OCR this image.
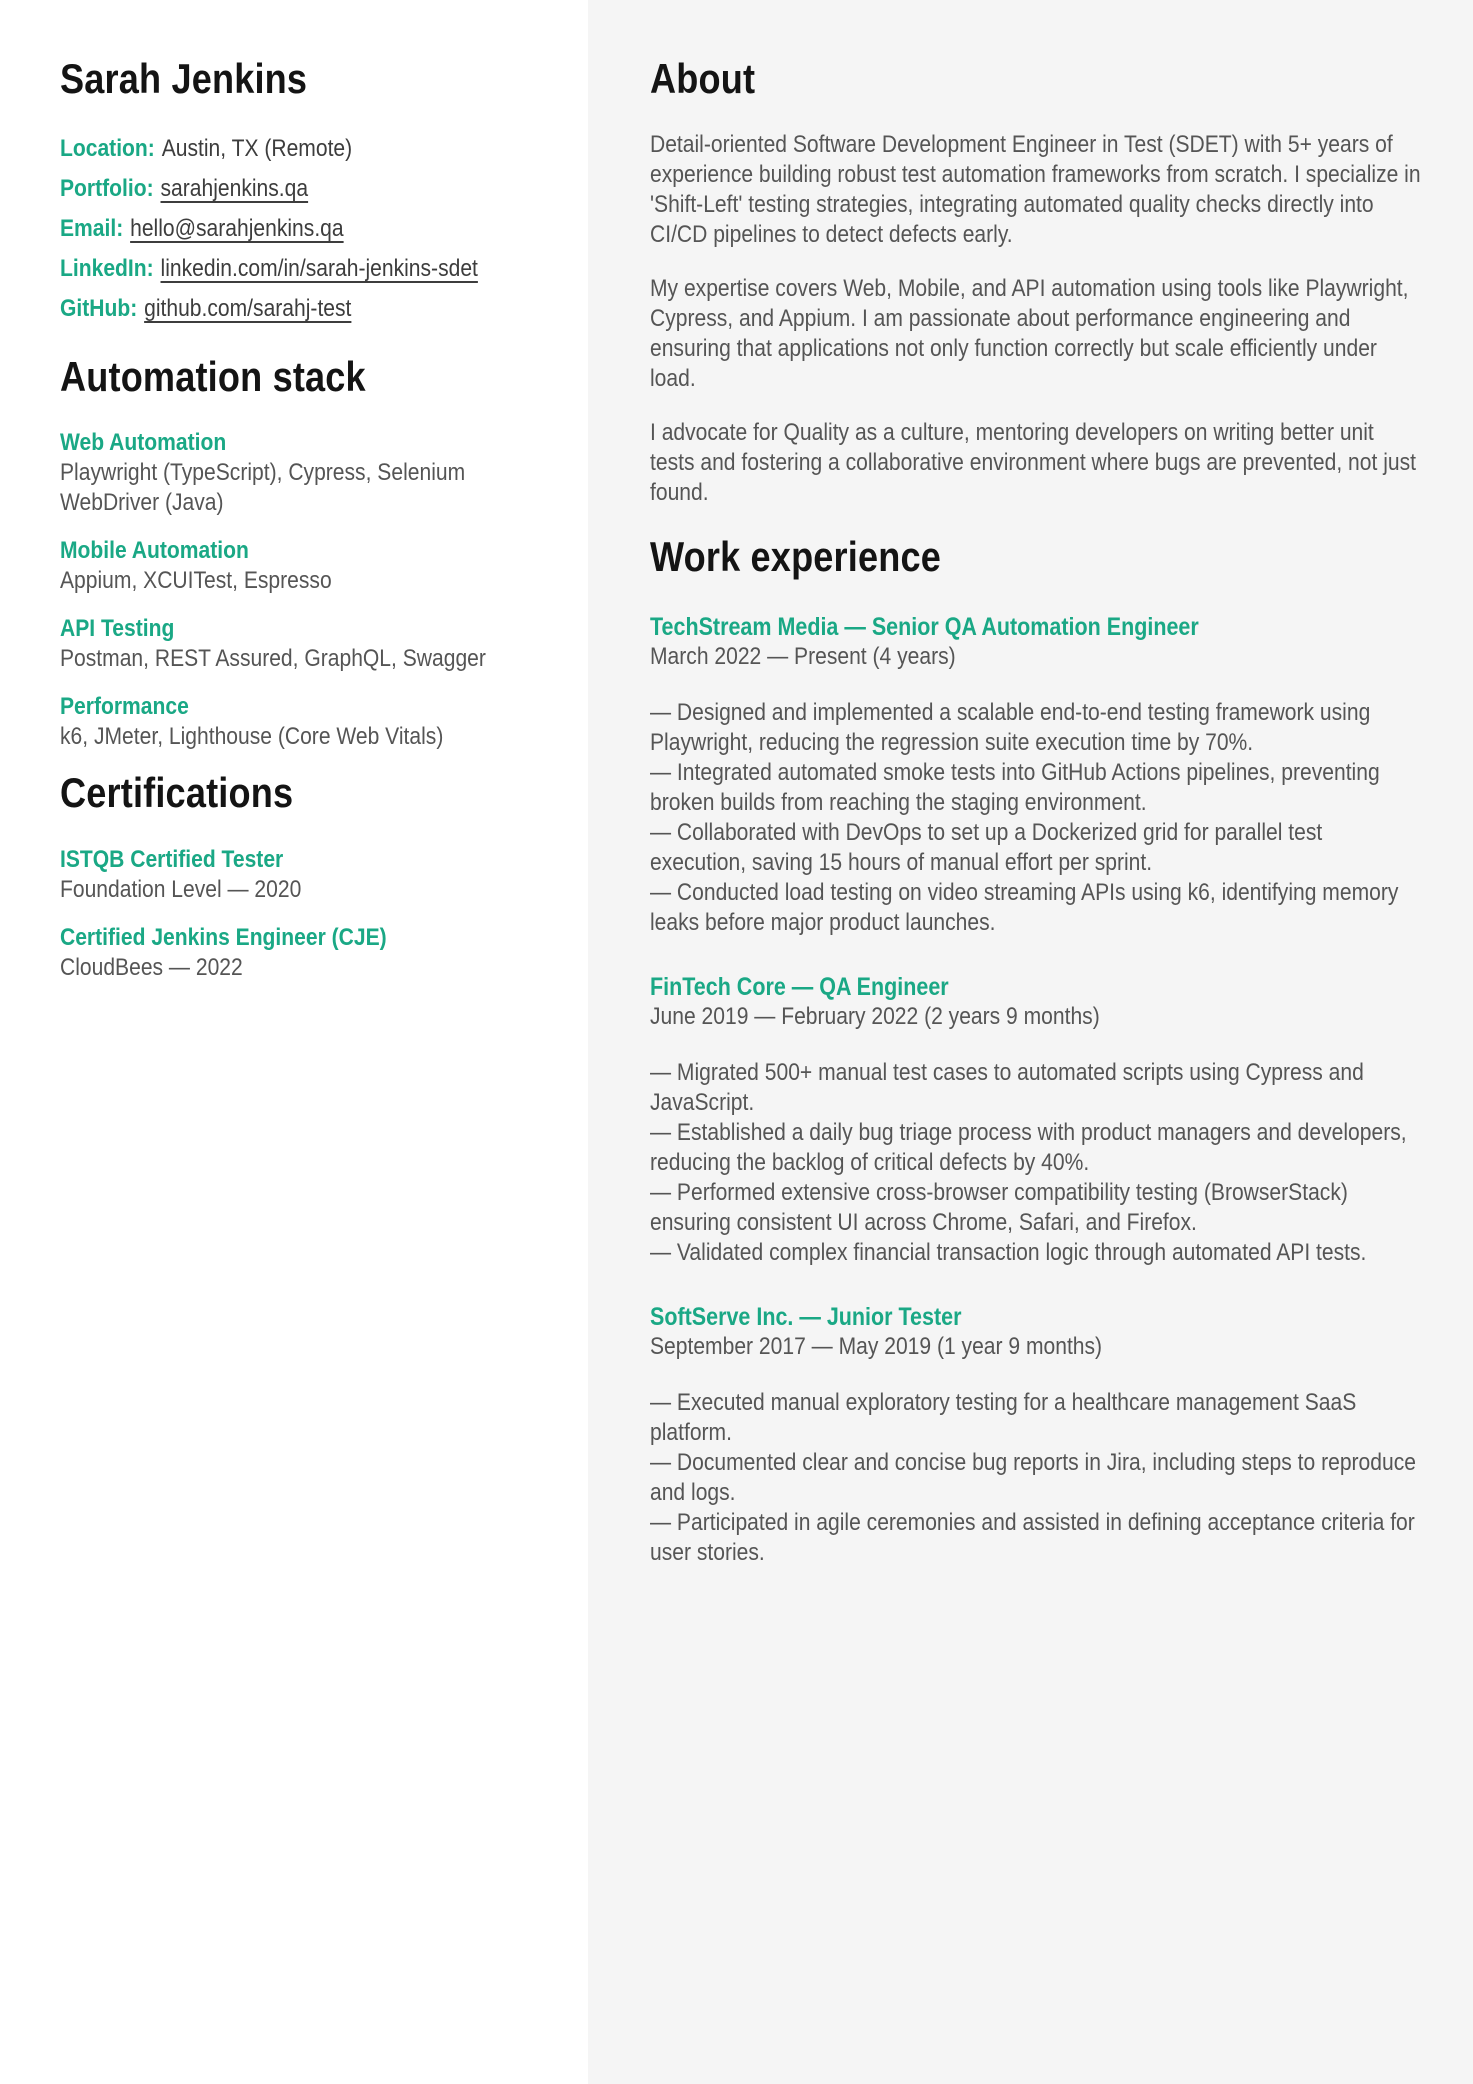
Sarah Jenkins
Location: Austin, TX (Remote)
Portfolio: sarahjenkins.qa
Email: hello@sarahjenkins.qa
LinkedIn: linkedin.com/in/sarah-jenkins-sdet
GitHub: github.com/sarahj-test
Automation stack
Web Automation
Playwright (TypeScript), Cypress, Selenium WebDriver (Java)
Mobile Automation
Appium, XCUITest, Espresso
API Testing
Postman, REST Assured, GraphQL, Swagger
Performance
k6, JMeter, Lighthouse (Core Web Vitals)
Certifications
ISTQB Certified Tester
Foundation Level — 2020
Certified Jenkins Engineer (CJE)
CloudBees — 2022
About

Detail-oriented Software Development Engineer in Test (SDET) with 5+ years of experience building robust test automation frameworks from scratch. I specialize in 'Shift-Left' testing strategies, integrating automated quality checks directly into CI/CD pipelines to detect defects early.

My expertise covers Web, Mobile, and API automation using tools like Playwright, Cypress, and Appium. I am passionate about performance engineering and ensuring that applications not only function correctly but scale efficiently under load.

I advocate for Quality as a culture, mentoring developers on writing better unit tests and fostering a collaborative environment where bugs are prevented, not just found.

Work experience
TechStream Media — Senior QA Automation Engineer
March 2022 — Present (4 years)
— Designed and implemented a scalable end-to-end testing framework using Playwright, reducing the regression suite execution time by 70%.
— Integrated automated smoke tests into GitHub Actions pipelines, preventing broken builds from reaching the staging environment.
— Collaborated with DevOps to set up a Dockerized grid for parallel test execution, saving 15 hours of manual effort per sprint.
— Conducted load testing on video streaming APIs using k6, identifying memory leaks before major product launches.
FinTech Core — QA Engineer
June 2019 — February 2022 (2 years 9 months)
— Migrated 500+ manual test cases to automated scripts using Cypress and JavaScript.
— Established a daily bug triage process with product managers and developers, reducing the backlog of critical defects by 40%.
— Performed extensive cross-browser compatibility testing (BrowserStack) ensuring consistent UI across Chrome, Safari, and Firefox.
— Validated complex financial transaction logic through automated API tests.
SoftServe Inc. — Junior Tester
September 2017 — May 2019 (1 year 9 months)
— Executed manual exploratory testing for a healthcare management SaaS platform.
— Documented clear and concise bug reports in Jira, including steps to reproduce and logs.
— Participated in agile ceremonies and assisted in defining acceptance criteria for user stories.
